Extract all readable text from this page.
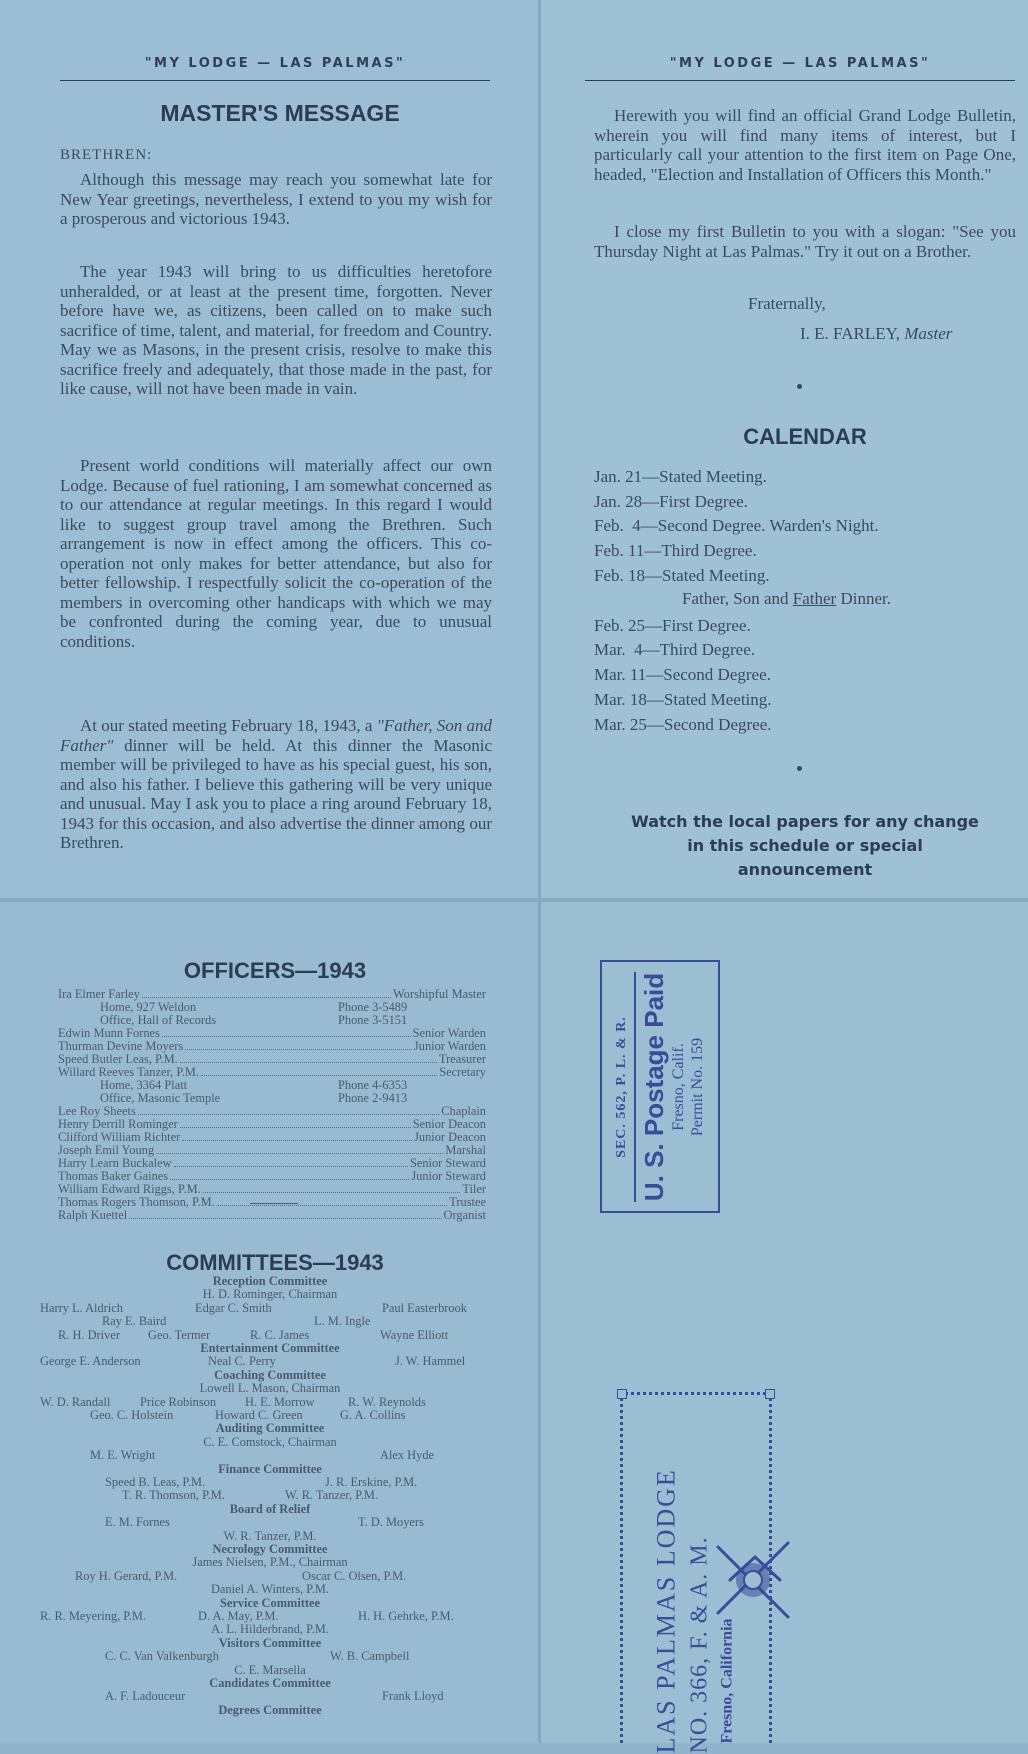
"MY LODGE — LAS PALMAS"	"MY LODGE — LAS PALMAS"
MASTER'S MESSAGE
BRETHREN:

Although this message may reach you somewhat late for New Year greetings, nevertheless, I extend to you my wish for a prosperous and victorious 1943.

The year 1943 will bring to us difficulties heretofore unheralded, or at least at the present time, forgotten. Never before have we, as citizens, been called on to make such sacrifice of time, talent, and material, for freedom and Country. May we as Masons, in the present crisis, resolve to make this sacrifice freely and adequately, that those made in the past, for like cause, will not have been made in vain.

Present world conditions will materially affect our own Lodge. Because of fuel rationing, I am somewhat concerned as to our attendance at regular meetings. In this regard I would like to suggest group travel among the Brethren. Such arrangement is now in effect among the officers. This co-operation not only makes for better attendance, but also for better fellowship. I respectfully solicit the co-operation of the members in overcoming other handicaps with which we may be confronted during the coming year, due to unusual conditions.

At our stated meeting February 18, 1943, a "Father, Son and Father" dinner will be held. At this dinner the Masonic member will be privileged to have as his special guest, his son, and also his father. I believe this gathering will be very unique and unusual. May I ask you to place a ring around February 18, 1943 for this occasion, and also advertise the dinner among our Brethren.

Herewith you will find an official Grand Lodge Bulletin, wherein you will find many items of interest, but I particularly call your attention to the first item on Page One, headed, "Election and Installation of Officers this Month."

I close my first Bulletin to you with a slogan: "See you Thursday Night at Las Palmas." Try it out on a Brother.

Fraternally,
I. E. FARLEY, Master
CALENDAR
Jan. 21—Stated Meeting.
Jan. 28—First Degree.
Feb.  4—Second Degree. Warden's Night.
Feb. 11—Third Degree.
Feb. 18—Stated Meeting.
Father, Son and Father Dinner.
Feb. 25—First Degree.
Mar.  4—Third Degree.
Mar. 11—Second Degree.
Mar. 18—Stated Meeting.
Mar. 25—Second Degree.
Watch the local papers for any change in this schedule or special announcement
OFFICERS—1943
Ira Elmer Farley	Worshipful Master
Home, 927 Weldon	Phone 3-5489
Office, Hall of Records	Phone 3-5151
Edwin Munn Fornes	Senior Warden
Thurman Devine Moyers	Junior Warden
Speed Butler Leas, P.M.	Treasurer
Willard Reeves Tanzer, P.M.	Secretary
Home, 3364 Platt	Phone 4-6353
Office, Masonic Temple	Phone 2-9413
Lee Roy Sheets	Chaplain
Henry Derrill Rominger	Senior Deacon
Clifford William Richter	Junior Deacon
Joseph Emil Young	Marshal
Harry Learn Buckalew	Senior Steward
Thomas Baker Gaines	Junior Steward
William Edward Riggs, P.M.	Tiler
Thomas Rogers Thomson, P.M.	Trustee
Ralph Kuettel	Organist
COMMITTEES—1943
Reception Committee
H. D. Rominger, Chairman
Harry L. Aldrich	Edgar C. Smith	Paul Easterbrook
Ray E. Baird	L. M. Ingle
R. H. Driver Geo. Termer	R. C. James	Wayne Elliott
Entertainment Committee
George E. Anderson	Neal C. Perry	J. W. Hammel
Coaching Committee
Lowell L. Mason, Chairman
W. D. Randall Price Robinson H. E. Morrow	R. W. Reynolds
Geo. C. Holstein	Howard C. Green	G. A. Collins
Auditing Committee
C. E. Comstock, Chairman
M. E. Wright	Alex Hyde
Finance Committee
Speed B. Leas, P.M.	J. R. Erskine, P.M.
T. R. Thomson, P.M.	W. R. Tanzer, P.M.
Board of Relief
E. M. Fornes	T. D. Moyers
W. R. Tanzer, P.M.
Necrology Committee
James Nielsen, P.M., Chairman
Roy H. Gerard, P.M.	Oscar C. Olsen, P.M.
Daniel A. Winters, P.M.
Service Committee
R. R. Meyering, P.M.	D. A. May, P.M.	H. H. Gehrke, P.M.
A. L. Hilderbrand, P.M.
Visitors Committee
C. C. Van Valkenburgh	W. B. Campbell
C. E. Marsella
Candidates Committee
A. F. Ladouceur	Frank Lloyd
Degrees Committee
SEC. 562, P. L. & R. U. S. Postage Paid Fresno, Calif. Permit No. 159
LAS PALMAS LODGE NO. 366, F. & A. M. Fresno, California
